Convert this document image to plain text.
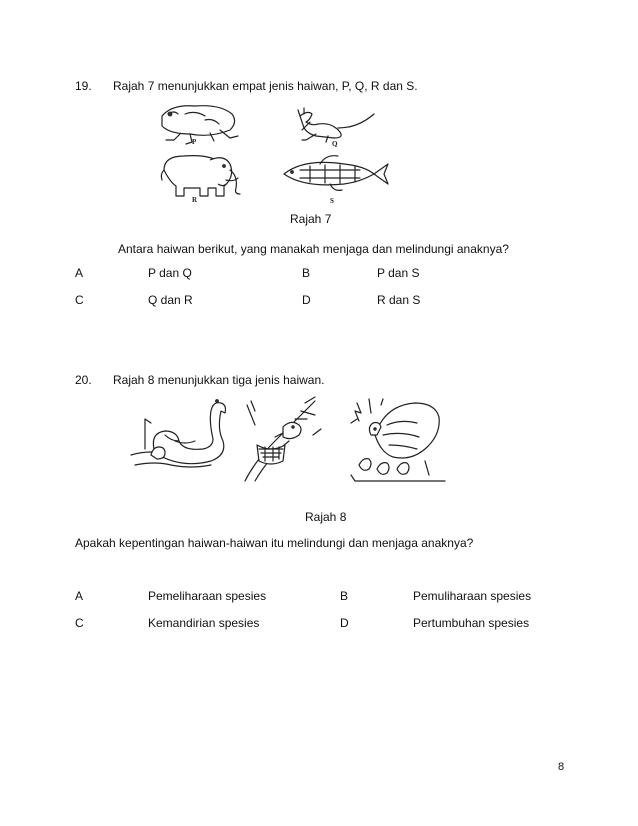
19. Rajah 7 menunjukkan empat jenis haiwan, P, Q, R dan S.
P	Q
R	S
Rajah 7
Antara haiwan berikut, yang manakah menjaga dan melindungi anaknya?
A	P dan Q	B	P dan S
C	Q dan R	D	R dan S
20. Rajah 8 menunjukkan tiga jenis haiwan.
Rajah 8
Apakah kepentingan haiwan-haiwan itu melindungi dan menjaga anaknya?
A	Pemeliharaan spesies	B	Pemuliharaan spesies
C	Kemandirian spesies	D	Pertumbuhan spesies
8
